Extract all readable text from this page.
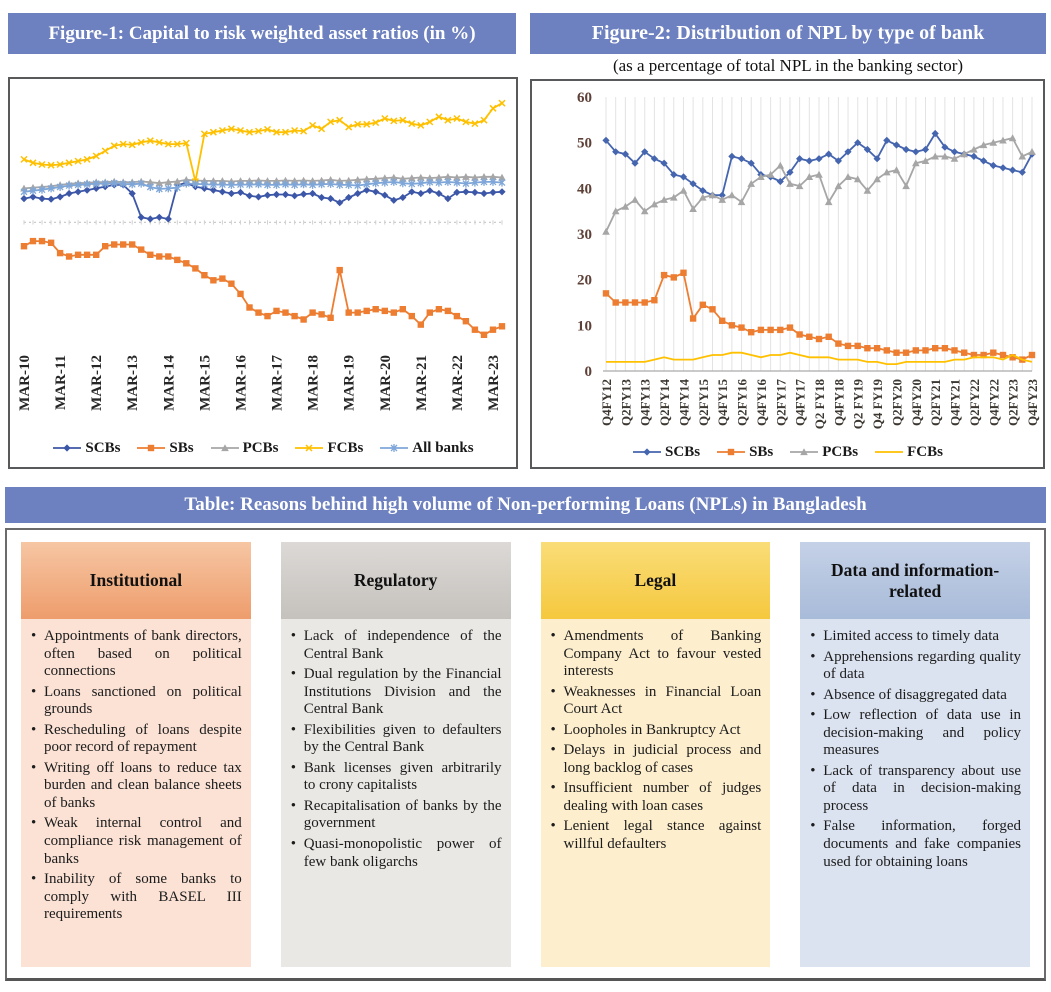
Figure-1: Capital to risk weighted asset ratios (in %)	Figure-2: Distribution of NPL by type of bank
(as a percentage of total NPL in the banking sector)
MAR-10 MAR-11 MAR-12 MAR-13 MAR-14 MAR-15 MAR-16 MAR-17 MAR-18 MAR-19 MAR-20 MAR-21 MAR-22 MAR-23
SCBs	SBs	PCBs	FCBs	All banks
0
10
20
30
40
50
60
Q4FY12 Q2FY13 Q4FY13 Q2FY14 Q4FY14 Q2FY15 Q4FY15 Q2FY16 Q4FY16 Q2FY17 Q4FY17 Q2 FY18 Q4FY18 Q2 FY19 Q4 FY19 Q2FY20 Q4FY20 Q2FY21 Q4FY21 Q2FY22 Q4FY22 Q2FY23 Q4FY23
SCBs	SBs	PCBs	FCBs
Table: Reasons behind high volume of Non-performing Loans (NPLs) in Bangladesh
Institutional
• Appointments of bank directors, often based on political connections
• Loans sanctioned on political grounds
• Rescheduling of loans despite poor record of repayment
• Writing off loans to reduce tax burden and clean balance sheets of banks
• Weak internal control and compliance risk management of banks
• Inability of some banks to comply with BASEL III requirements
Regulatory
• Lack of independence of the Central Bank
• Dual regulation by the Financial Institutions Division and the Central Bank
• Flexibilities given to defaulters by the Central Bank
• Bank licenses given arbitrarily to crony capitalists
• Recapitalisation of banks by the government
• Quasi-monopolistic power of few bank oligarchs
Legal
• Amendments of Banking Company Act to favour vested interests
• Weaknesses in Financial Loan Court Act
• Loopholes in Bankruptcy Act
• Delays in judicial process and long backlog of cases
• Insufficient number of judges dealing with loan cases
• Lenient legal stance against willful defaulters
Data and information-related
• Limited access to timely data
• Apprehensions regarding quality of data
• Absence of disaggregated data
• Low reflection of data use in decision-making and policy measures
• Lack of transparency about use of data in decision-making process
• False information, forged documents and fake companies used for obtaining loans
